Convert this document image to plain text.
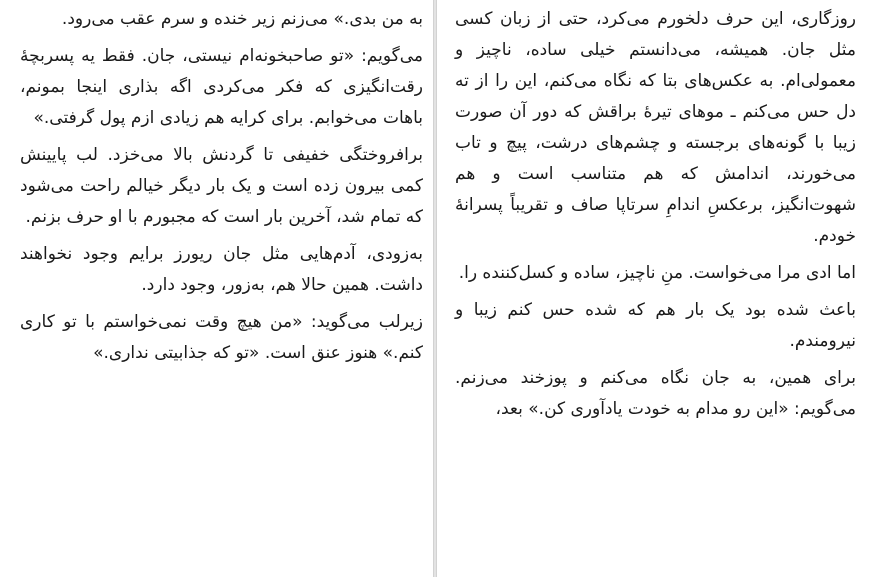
به من بدی.» می‌زنم زیر خنده و سرم عقب می‌رود.

می‌گویم: «تو صاحبخونه‌ام نیستی، جان. فقط یه پسربچهٔ رقت‌انگیزی که فکر می‌کردی اگه بذاری اینجا بمونم، باهات می‌خوابم. برای کرایه هم زیادی ازم پول گرفتی.»

برافروختگی خفیفی تا گردنش بالا می‌خزد. لب پایینش کمی بیرون زده است و یک بار دیگر خیالم راحت می‌شود که تمام شد، آخرین بار است که مجبورم با او حرف بزنم.

به‌زودی، آدم‌هایی مثل جان ریورز برایم وجود نخواهند داشت. همین حالا هم، به‌زور، وجود دارد.

زیرلب می‌گوید: «من هیچ وقت نمی‌خواستم با تو کاری کنم.» هنوز عنق است. «تو که جذابیتی نداری.»

روزگاری، این حرف دلخورم می‌کرد، حتی از زبان کسی مثل جان. همیشه، می‌دانستم خیلی ساده، ناچیز و معمولی‌ام. به عکس‌های بتا که نگاه می‌کنم، این را از ته دل حس می‌کنم ـ موهای تیرهٔ براقش که دور آن صورت زیبا با گونه‌های برجسته و چشم‌های درشت، پیچ و تاب می‌خورند، اندامش که هم متناسب است و هم شهوت‌انگیز، برعکسِ اندامِ سرتاپا صاف و تقریباً پسرانهٔ خودم.

اما ادی مرا می‌خواست. منِ ناچیز، ساده و کسل‌کننده را.

باعث شده بود یک بار هم که شده حس کنم زیبا و نیرومندم.

برای همین، به جان نگاه می‌کنم و پوزخند می‌زنم. می‌گویم: «این رو مدام به خودت یادآوری کن.» بعد،
